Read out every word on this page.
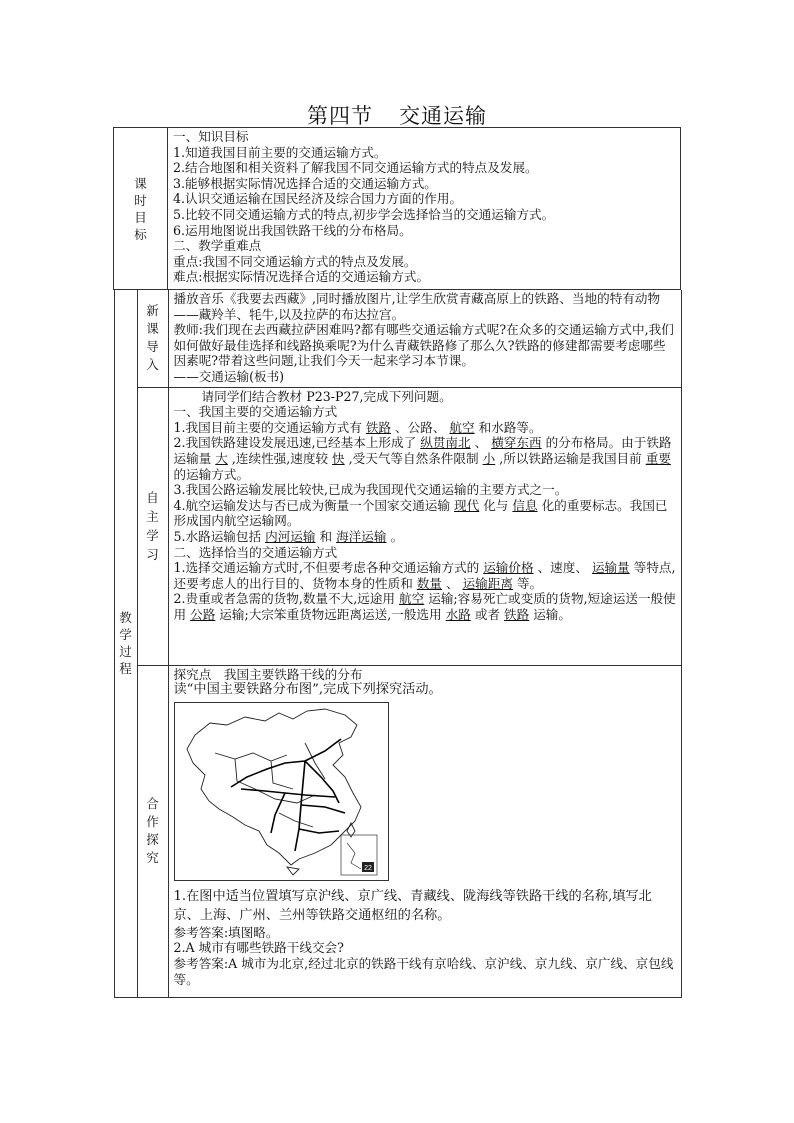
第四节 交通运输
课时目标

一、知识目标

1.知道我国目前主要的交通运输方式。

2.结合地图和相关资料了解我国不同交通运输方式的特点及发展。

3.能够根据实际情况选择合适的交通运输方式。

4.认识交通运输在国民经济及综合国力方面的作用。

5.比较不同交通运输方式的特点,初步学会选择恰当的交通运输方式。

6.运用地图说出我国铁路干线的分布格局。

二、教学重难点

重点:我国不同交通运输方式的特点及发展。

难点:根据实际情况选择合适的交通运输方式。

教学过程

新课导入

播放音乐《我要去西藏》,同时播放图片,让学生欣赏青藏高原上的铁路、当地的特有动物——藏羚羊、牦牛,以及拉萨的布达拉宫。

教师:我们现在去西藏拉萨困难吗?都有哪些交通运输方式呢?在众多的交通运输方式中,我们如何做好最佳选择和线路换乘呢?为什么青藏铁路修了那么久?铁路的修建都需要考虑哪些因素呢?带着这些问题,让我们今天一起来学习本节课。

——交通运输(板书)

自主学习

请同学们结合教材 P23-P27,完成下列问题。

一、我国主要的交通运输方式

1.我国目前主要的交通运输方式有 铁路 、公路、 航空 和水路等。

2.我国铁路建设发展迅速,已经基本上形成了 纵贯南北 、 横穿东西 的分布格局。由于铁路运输量 大 ,连续性强,速度较 快 ,受天气等自然条件限制 小 ,所以铁路运输是我国目前 重要的运输方式。

3.我国公路运输发展比较快,已成为我国现代交通运输的主要方式之一。

4.航空运输发达与否已成为衡量一个国家交通运输 现代 化与 信息 化的重要标志。我国已形成国内航空运输网。

5.水路运输包括 内河运输 和 海洋运输 。

二、选择恰当的交通运输方式

1.选择交通运输方式时,不但要考虑各种交通运输方式的 运输价格 、速度、 运输量 等特点,还要考虑人的出行目的、货物本身的性质和 数量 、 运输距离 等。

2.贵重或者急需的货物,数量不大,远途用 航空 运输;容易死亡或变质的货物,短途运送一般使用 公路 运输;大宗笨重货物远距离运送,一般选用 水路 或者 铁路 运输。

合作探究

探究点　我国主要铁路干线的分布

读“中国主要铁路分布图”,完成下列探究活动。

22

1.在图中适当位置填写京沪线、京广线、青藏线、陇海线等铁路干线的名称,填写北京、上海、广州、兰州等铁路交通枢纽的名称。

参考答案:填图略。

2.A 城市有哪些铁路干线交会?

参考答案:A 城市为北京,经过北京的铁路干线有京哈线、京沪线、京九线、京广线、京包线等。
